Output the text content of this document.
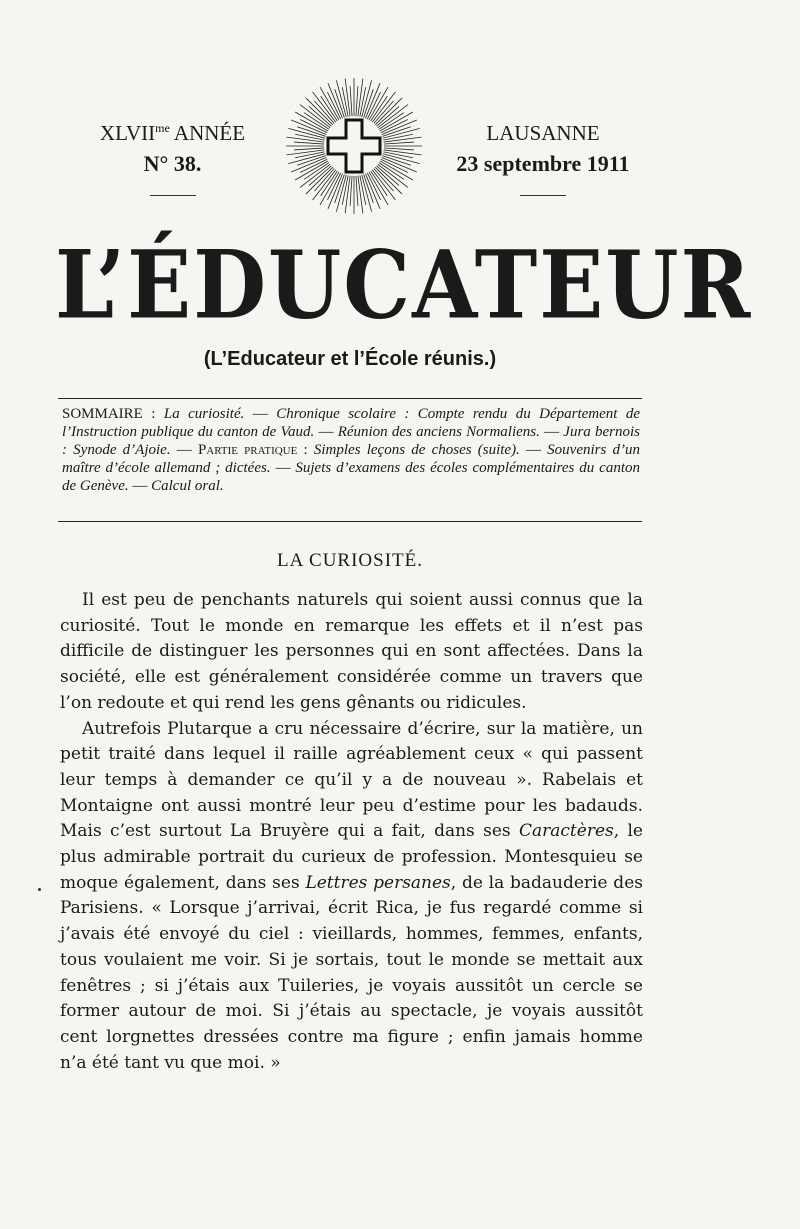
$XLVII^{me}$ ANNÉE
N° 38.
LAUSANNE
23 septembre 1911
L’ÉDUCATEUR
(L’Educateur et l’École réunis.)
SOMMAIRE : La curiosité. — Chronique scolaire : Compte rendu du Département de l’Instruction publique du canton de Vaud. — Réunion des anciens Normaliens. — Jura bernois : Synode d’Ajoie. — Partie pratique : Simples leçons de choses (suite). — Souvenirs d’un maître d’école allemand ; dictées. — Sujets d’examens des écoles complémentaires du canton de Genève. — Calcul oral.
LA CURIOSITÉ.

Il est peu de penchants naturels qui soient aussi connus que la curiosité. Tout le monde en remarque les effets et il n’est pas difficile de distinguer les personnes qui en sont affectées. Dans la société, elle est généralement considérée comme un travers que l’on redoute et qui rend les gens gênants ou ridicules.

Autrefois Plutarque a cru nécessaire d’écrire, sur la matière, un petit traité dans lequel il raille agréablement ceux « qui passent leur temps à demander ce qu’il y a de nouveau ». Rabelais et Montaigne ont aussi montré leur peu d’estime pour les badauds. Mais c’est surtout La Bruyère qui a fait, dans ses Caractères, le plus admirable portrait du curieux de profession. Montesquieu se moque également, dans ses Lettres persanes, de la badauderie des Parisiens. « Lorsque j’arrivai, écrit Rica, je fus regardé comme si j’avais été envoyé du ciel : vieillards, hommes, femmes, enfants, tous voulaient me voir. Si je sortais, tout le monde se mettait aux fenêtres ; si j’étais aux Tuileries, je voyais aussitôt un cercle se former autour de moi. Si j’étais au spectacle, je voyais aussitôt cent lorgnettes dressées contre ma figure ; enfin jamais homme n’a été tant vu que moi. »
